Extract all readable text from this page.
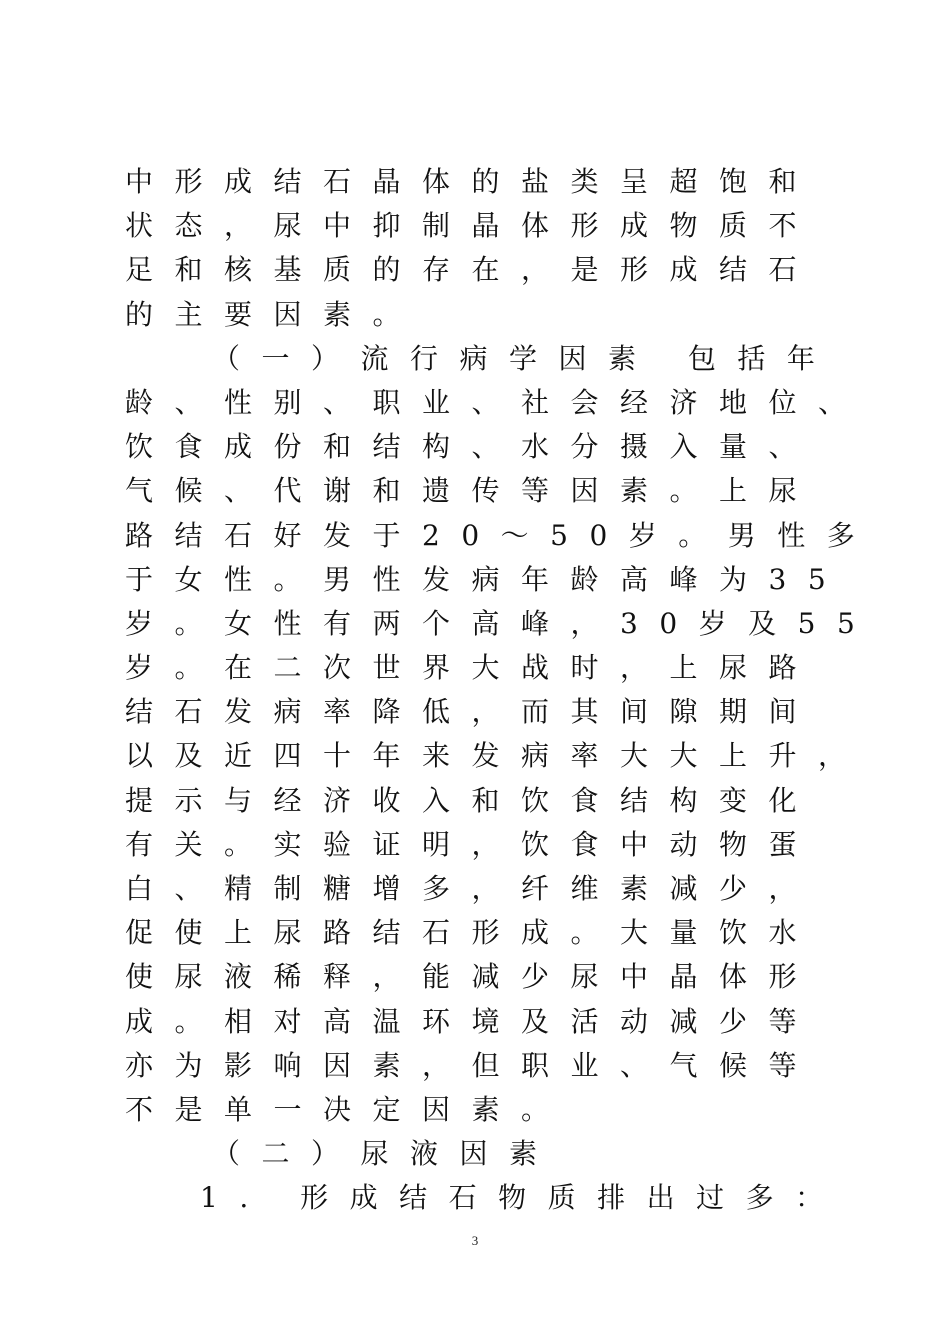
中形成结石晶体的盐类呈超饱和
状态，尿中抑制晶体形成物质不
足和核基质的存在，是形成结石
的主要因素。
（一）流行病学因素 包括年
龄、性别、职业、社会经济地位、
饮食成份和结构、水分摄入量、
气候、代谢和遗传等因素。上尿
路结石好发于20～50岁。男性多
于女性。男性发病年龄高峰为35
岁。女性有两个高峰，30岁及55
岁。在二次世界大战时，上尿路
结石发病率降低，而其间隙期间
以及近四十年来发病率大大上升，
提示与经济收入和饮食结构变化
有关。实验证明，饮食中动物蛋
白、精制糖增多，纤维素减少，
促使上尿路结石形成。大量饮水
使尿液稀释，能减少尿中晶体形
成。相对高温环境及活动减少等
亦为影响因素，但职业、气候等
不是单一决定因素。
（二）尿液因素
1. 形成结石物质排出过多：
3
